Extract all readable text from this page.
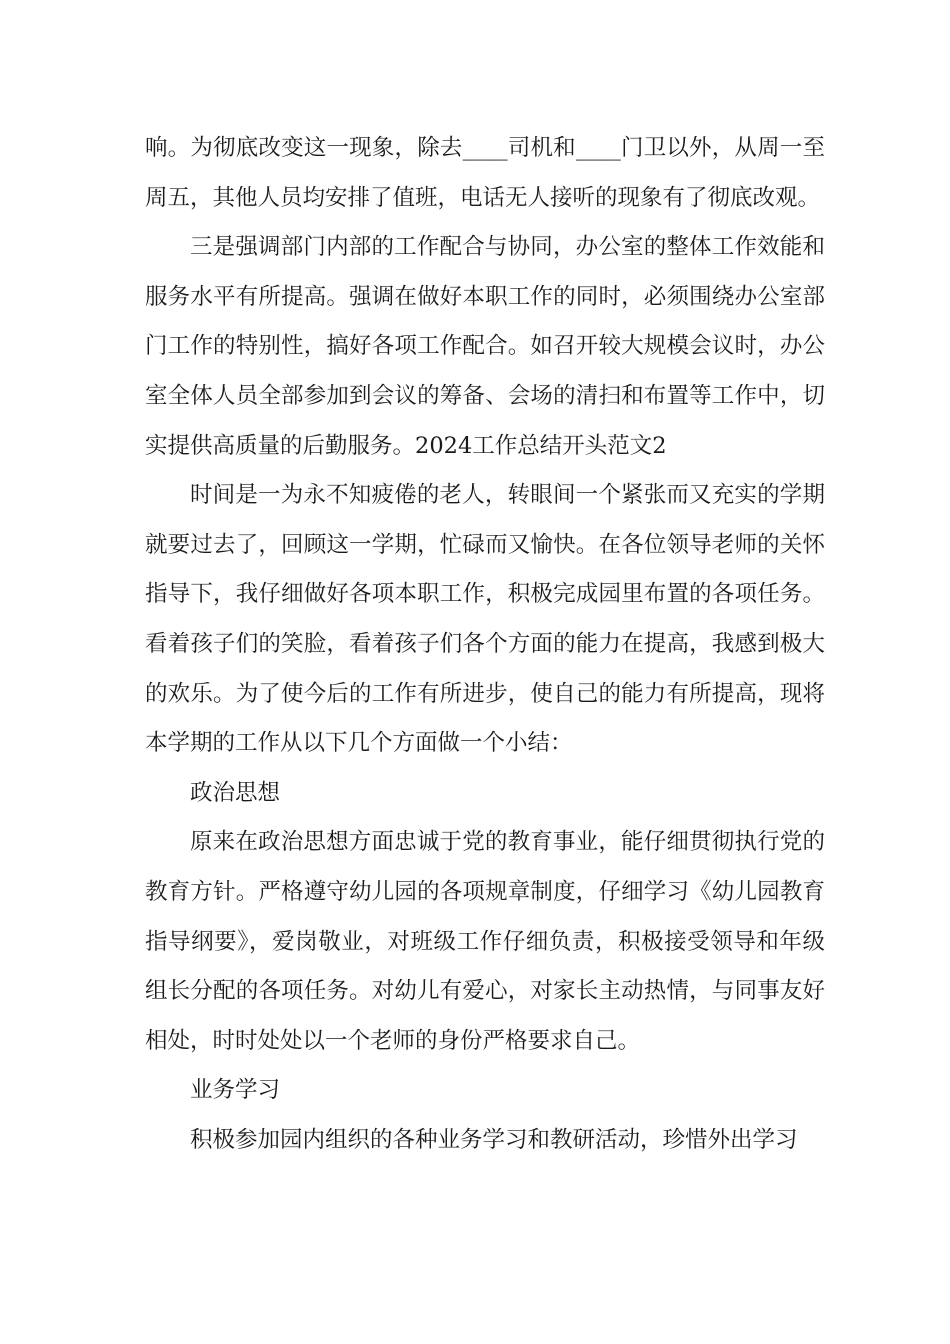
响。为彻底改变这一现象，除去____司机和____门卫以外，从周一至周五，其他人员均安排了值班，电话无人接听的现象有了彻底改观。

三是强调部门内部的工作配合与协同，办公室的整体工作效能和服务水平有所提高。强调在做好本职工作的同时，必须围绕办公室部门工作的特别性，搞好各项工作配合。如召开较大规模会议时，办公室全体人员全部参加到会议的筹备、会场的清扫和布置等工作中，切实提供高质量的后勤服务。2024工作总结开头范文2

时间是一为永不知疲倦的老人，转眼间一个紧张而又充实的学期就要过去了，回顾这一学期，忙碌而又愉快。在各位领导老师的关怀指导下，我仔细做好各项本职工作，积极完成园里布置的各项任务。看着孩子们的笑脸，看着孩子们各个方面的能力在提高，我感到极大的欢乐。为了使今后的工作有所进步，使自己的能力有所提高，现将本学期的工作从以下几个方面做一个小结：

政治思想

原来在政治思想方面忠诚于党的教育事业，能仔细贯彻执行党的教育方针。严格遵守幼儿园的各项规章制度，仔细学习《幼儿园教育指导纲要》，爱岗敬业，对班级工作仔细负责，积极接受领导和年级组长分配的各项任务。对幼儿有爱心，对家长主动热情，与同事友好相处，时时处处以一个老师的身份严格要求自己。

业务学习

积极参加园内组织的各种业务学习和教研活动，珍惜外出学习
